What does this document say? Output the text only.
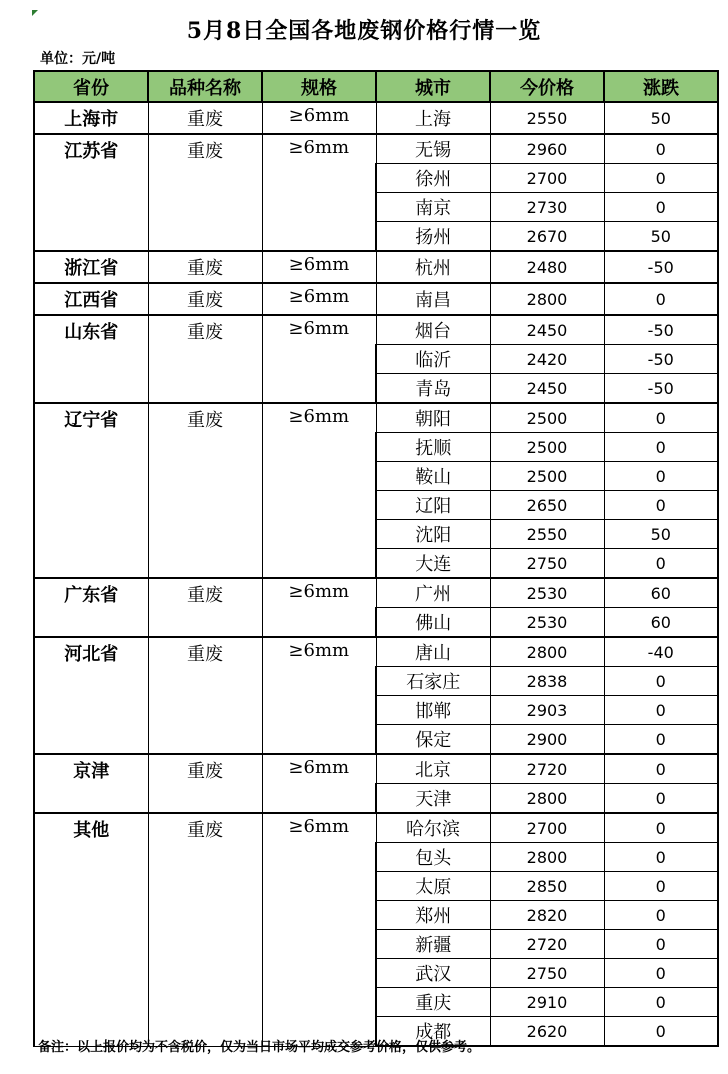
5月8日全国各地废钢价格行情一览
单位：元/吨
省份	品种名称	规格	城市	今价格	涨跌
上海市	重废	≥6mm	上海	2550	50
江苏省	重废	≥6mm	无锡	2960	0
			徐州	2700	0
			南京	2730	0
			扬州	2670	50
浙江省	重废	≥6mm	杭州	2480	-50
江西省	重废	≥6mm	南昌	2800	0
山东省	重废	≥6mm	烟台	2450	-50
			临沂	2420	-50
			青岛	2450	-50
辽宁省	重废	≥6mm	朝阳	2500	0
			抚顺	2500	0
			鞍山	2500	0
			辽阳	2650	0
			沈阳	2550	50
			大连	2750	0
广东省	重废	≥6mm	广州	2530	60
			佛山	2530	60
河北省	重废	≥6mm	唐山	2800	-40
			石家庄	2838	0
			邯郸	2903	0
			保定	2900	0
京津	重废	≥6mm	北京	2720	0
			天津	2800	0
其他	重废	≥6mm	哈尔滨	2700	0
			包头	2800	0
			太原	2850	0
			郑州	2820	0
			新疆	2720	0
			武汉	2750	0
			重庆	2910	0
			成都	2620	0
备注：以上报价均为不含税价，仅为当日市场平均成交参考价格，仅供参考。
